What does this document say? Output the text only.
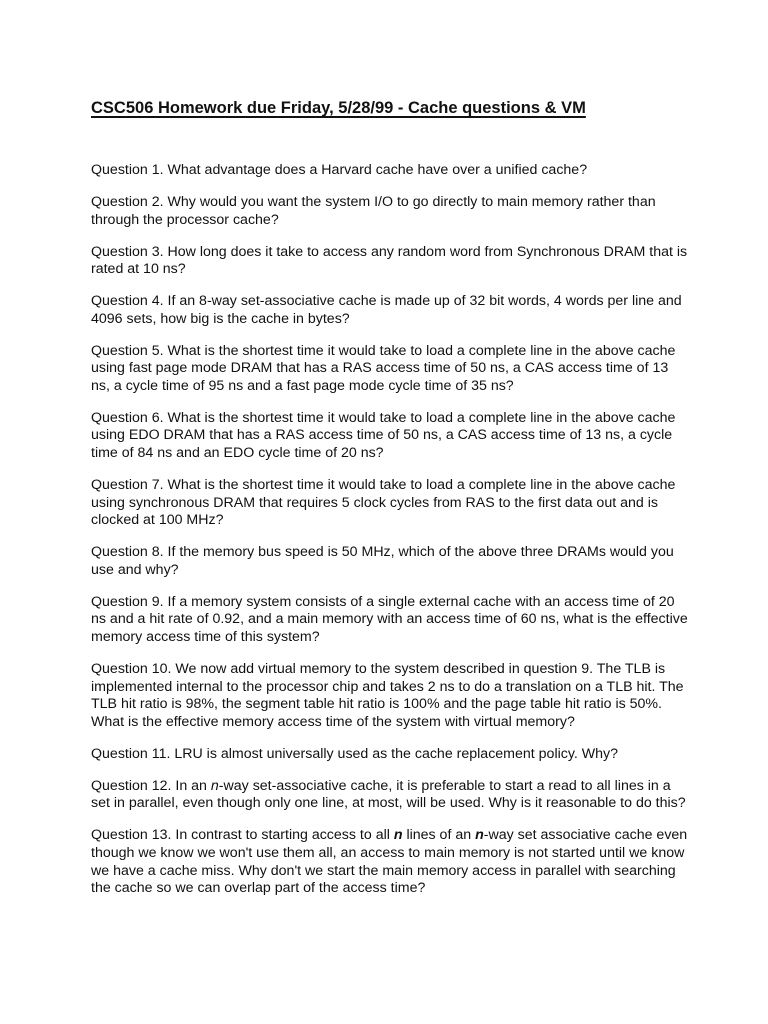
CSC506 Homework due Friday, 5/28/99 - Cache questions & VM
Question 1. What advantage does a Harvard cache have over a unified cache?
Question 2. Why would you want the system I/O to go directly to main memory rather than through the processor cache?
Question 3. How long does it take to access any random word from Synchronous DRAM that is rated at 10 ns?
Question 4. If an 8-way set-associative cache is made up of 32 bit words, 4 words per line and 4096 sets, how big is the cache in bytes?
Question 5. What is the shortest time it would take to load a complete line in the above cache using fast page mode DRAM that has a RAS access time of 50 ns, a CAS access time of 13 ns, a cycle time of 95 ns and a fast page mode cycle time of 35 ns?
Question 6. What is the shortest time it would take to load a complete line in the above cache using EDO DRAM that has a RAS access time of 50 ns, a CAS access time of 13 ns, a cycle time of 84 ns and an EDO cycle time of 20 ns?
Question 7. What is the shortest time it would take to load a complete line in the above cache using synchronous DRAM that requires 5 clock cycles from RAS to the first data out and is clocked at 100 MHz?
Question 8. If the memory bus speed is 50 MHz, which of the above three DRAMs would you use and why?
Question 9. If a memory system consists of a single external cache with an access time of 20 ns and a hit rate of 0.92, and a main memory with an access time of 60 ns, what is the effective memory access time of this system?
Question 10. We now add virtual memory to the system described in question 9. The TLB is implemented internal to the processor chip and takes 2 ns to do a translation on a TLB hit. The TLB hit ratio is 98%, the segment table hit ratio is 100% and the page table hit ratio is 50%. What is the effective memory access time of the system with virtual memory?
Question 11. LRU is almost universally used as the cache replacement policy. Why?
Question 12. In an n-way set-associative cache, it is preferable to start a read to all lines in a set in parallel, even though only one line, at most, will be used. Why is it reasonable to do this?
Question 13. In contrast to starting access to all n lines of an n-way set associative cache even though we know we won't use them all, an access to main memory is not started until we know we have a cache miss. Why don't we start the main memory access in parallel with searching the cache so we can overlap part of the access time?
